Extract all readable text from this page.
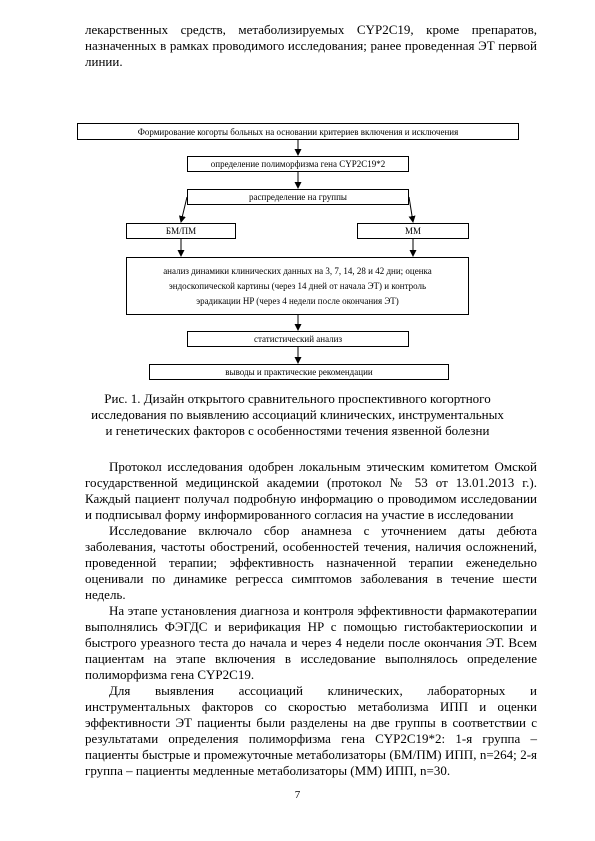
лекарственных средств, метаболизируемых CYP2C19, кроме препаратов, назначенных в рамках проводимого исследования; ранее проведенная ЭТ первой линии.

Формирование когорты больных на основании критериев включения и исключения
определение полиморфизма гена CYP2C19*2
распределение на группы
БМ/ПМ	ММ
анализ динамики клинических данных на 3, 7, 14, 28 и 42 дни; оценка
эндоскопической картины (через 14 дней от начала ЭТ) и контроль
эрадикации HP (через 4 недели после окончания ЭТ)
статистический анализ
выводы и практические рекомендации
Рис. 1. Дизайн открытого сравнительного проспективного когортного
исследования по выявлению ассоциаций клинических, инструментальных
и генетических факторов с особенностями течения язвенной болезни

Протокол исследования одобрен локальным этическим комитетом Омской государственной медицинской академии (протокол № 53 от 13.01.2013 г.). Каждый пациент получал подробную информацию о проводимом исследовании и подписывал форму информированного согласия на участие в исследовании

Исследование включало сбор анамнеза с уточнением даты дебюта заболевания, частоты обострений, особенностей течения, наличия осложнений, проведенной терапии; эффективность назначенной терапии еженедельно оценивали по динамике регресса симптомов заболевания в течение шести недель.

На этапе установления диагноза и контроля эффективности фармакотерапии выполнялись ФЭГДС и верификация HP с помощью гистобактериоскопии и быстрого уреазного теста до начала и через 4 недели после окончания ЭТ. Всем пациентам на этапе включения в исследование выполнялось определение полиморфизма гена CYP2C19.

Для выявления ассоциаций клинических, лабораторных и инструментальных факторов со скоростью метаболизма ИПП и оценки эффективности ЭТ пациенты были разделены на две группы в соответствии с результатами определения полиморфизма гена CYP2C19*2: 1-я группа – пациенты быстрые и промежуточные метаболизаторы (БМ/ПМ) ИПП, n=264; 2-я группа – пациенты медленные метаболизаторы (ММ) ИПП, n=30.

7
